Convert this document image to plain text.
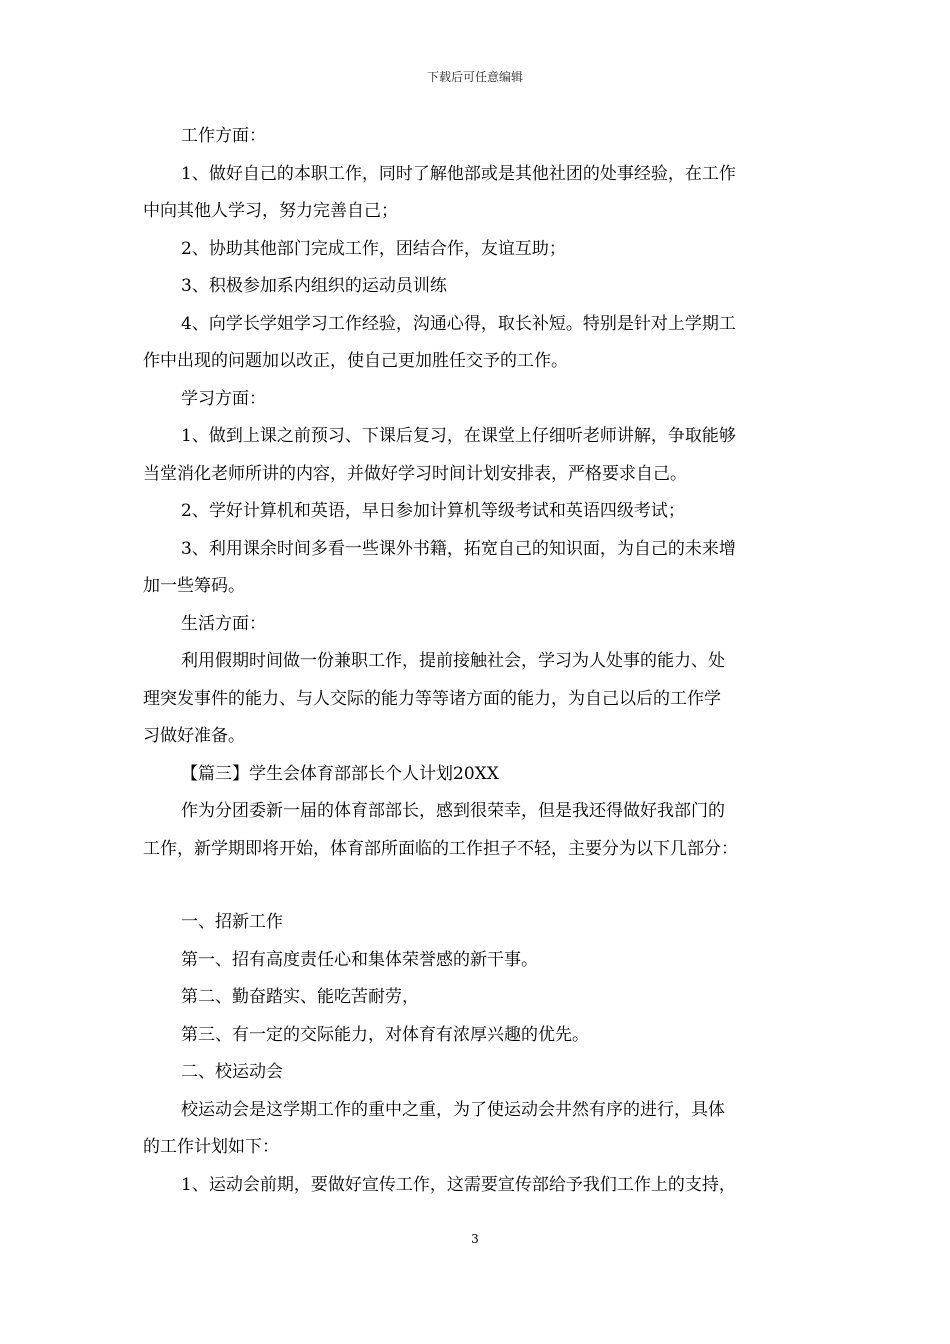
下载后可任意编辑

工作方面：

1、做好自己的本职工作，同时了解他部或是其他社团的处事经验，在工作

中向其他人学习，努力完善自己；

2、协助其他部门完成工作，团结合作，友谊互助；

3、积极参加系内组织的运动员训练

4、向学长学姐学习工作经验，沟通心得，取长补短。特别是针对上学期工

作中出现的问题加以改正，使自己更加胜任交予的工作。

学习方面：

1、做到上课之前预习、下课后复习，在课堂上仔细听老师讲解，争取能够

当堂消化老师所讲的内容，并做好学习时间计划安排表，严格要求自己。

2、学好计算机和英语，早日参加计算机等级考试和英语四级考试；

3、利用课余时间多看一些课外书籍，拓宽自己的知识面，为自己的未来增

加一些筹码。

生活方面：

利用假期时间做一份兼职工作，提前接触社会，学习为人处事的能力、处

理突发事件的能力、与人交际的能力等等诸方面的能力，为自己以后的工作学

习做好准备。

【篇三】学生会体育部部长个人计划20XX

作为分团委新一届的体育部部长，感到很荣幸，但是我还得做好我部门的

工作，新学期即将开始，体育部所面临的工作担子不轻，主要分为以下几部分：

一、招新工作

第一、招有高度责任心和集体荣誉感的新干事。

第二、勤奋踏实、能吃苦耐劳，

第三、有一定的交际能力，对体育有浓厚兴趣的优先。

二、校运动会

校运动会是这学期工作的重中之重，为了使运动会井然有序的进行，具体

的工作计划如下：

1、运动会前期，要做好宣传工作，这需要宣传部给予我们工作上的支持，

3
